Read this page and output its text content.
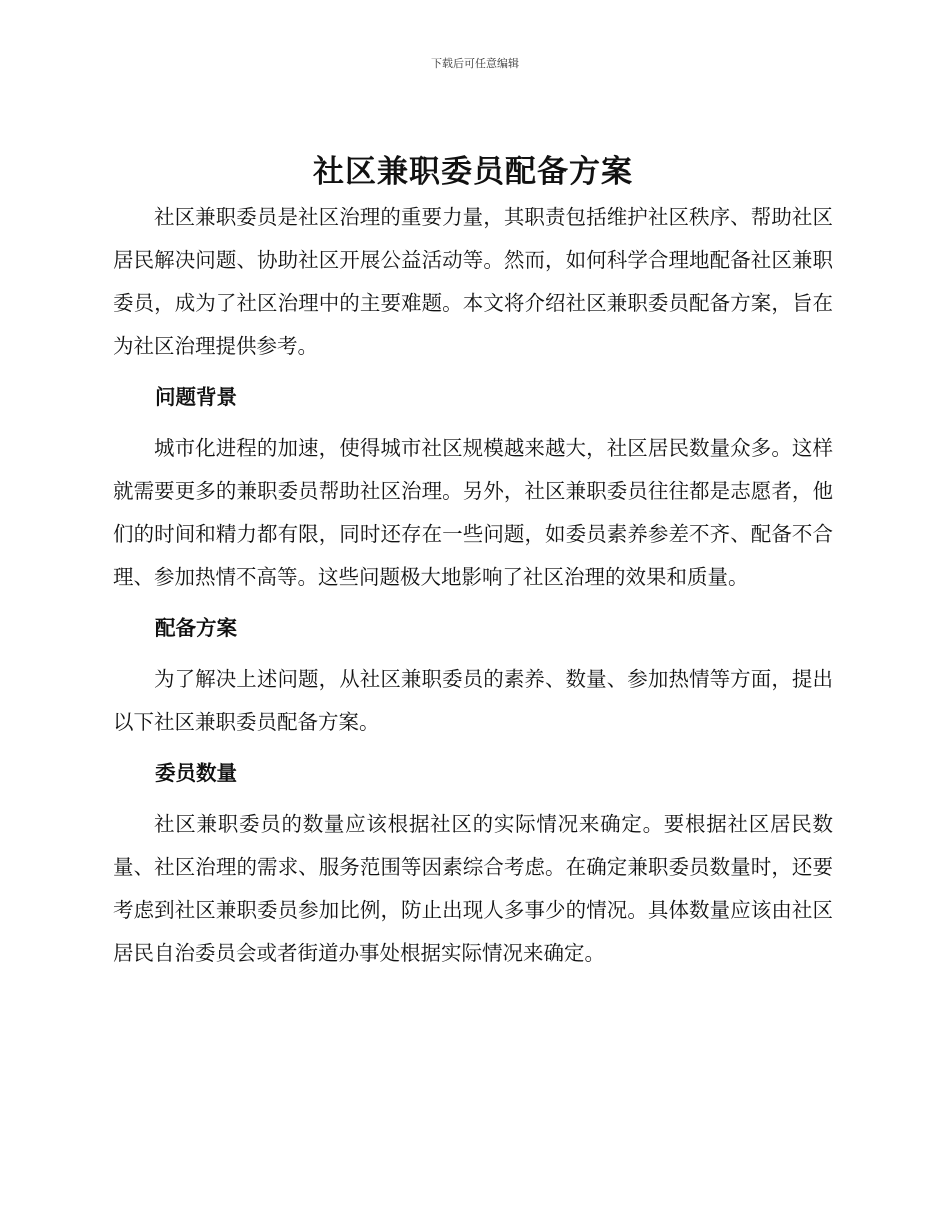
下载后可任意编辑
社区兼职委员配备方案

社区兼职委员是社区治理的重要力量，其职责包括维护社区秩序、帮助社区居民解决问题、协助社区开展公益活动等。然而，如何科学合理地配备社区兼职委员，成为了社区治理中的主要难题。本文将介绍社区兼职委员配备方案，旨在为社区治理提供参考。

问题背景

城市化进程的加速，使得城市社区规模越来越大，社区居民数量众多。这样就需要更多的兼职委员帮助社区治理。另外，社区兼职委员往往都是志愿者，他们的时间和精力都有限，同时还存在一些问题，如委员素养参差不齐、配备不合理、参加热情不高等。这些问题极大地影响了社区治理的效果和质量。

配备方案

为了解决上述问题，从社区兼职委员的素养、数量、参加热情等方面，提出以下社区兼职委员配备方案。

委员数量

社区兼职委员的数量应该根据社区的实际情况来确定。要根据社区居民数量、社区治理的需求、服务范围等因素综合考虑。在确定兼职委员数量时，还要考虑到社区兼职委员参加比例，防止出现人多事少的情况。具体数量应该由社区居民自治委员会或者街道办事处根据实际情况来确定。
